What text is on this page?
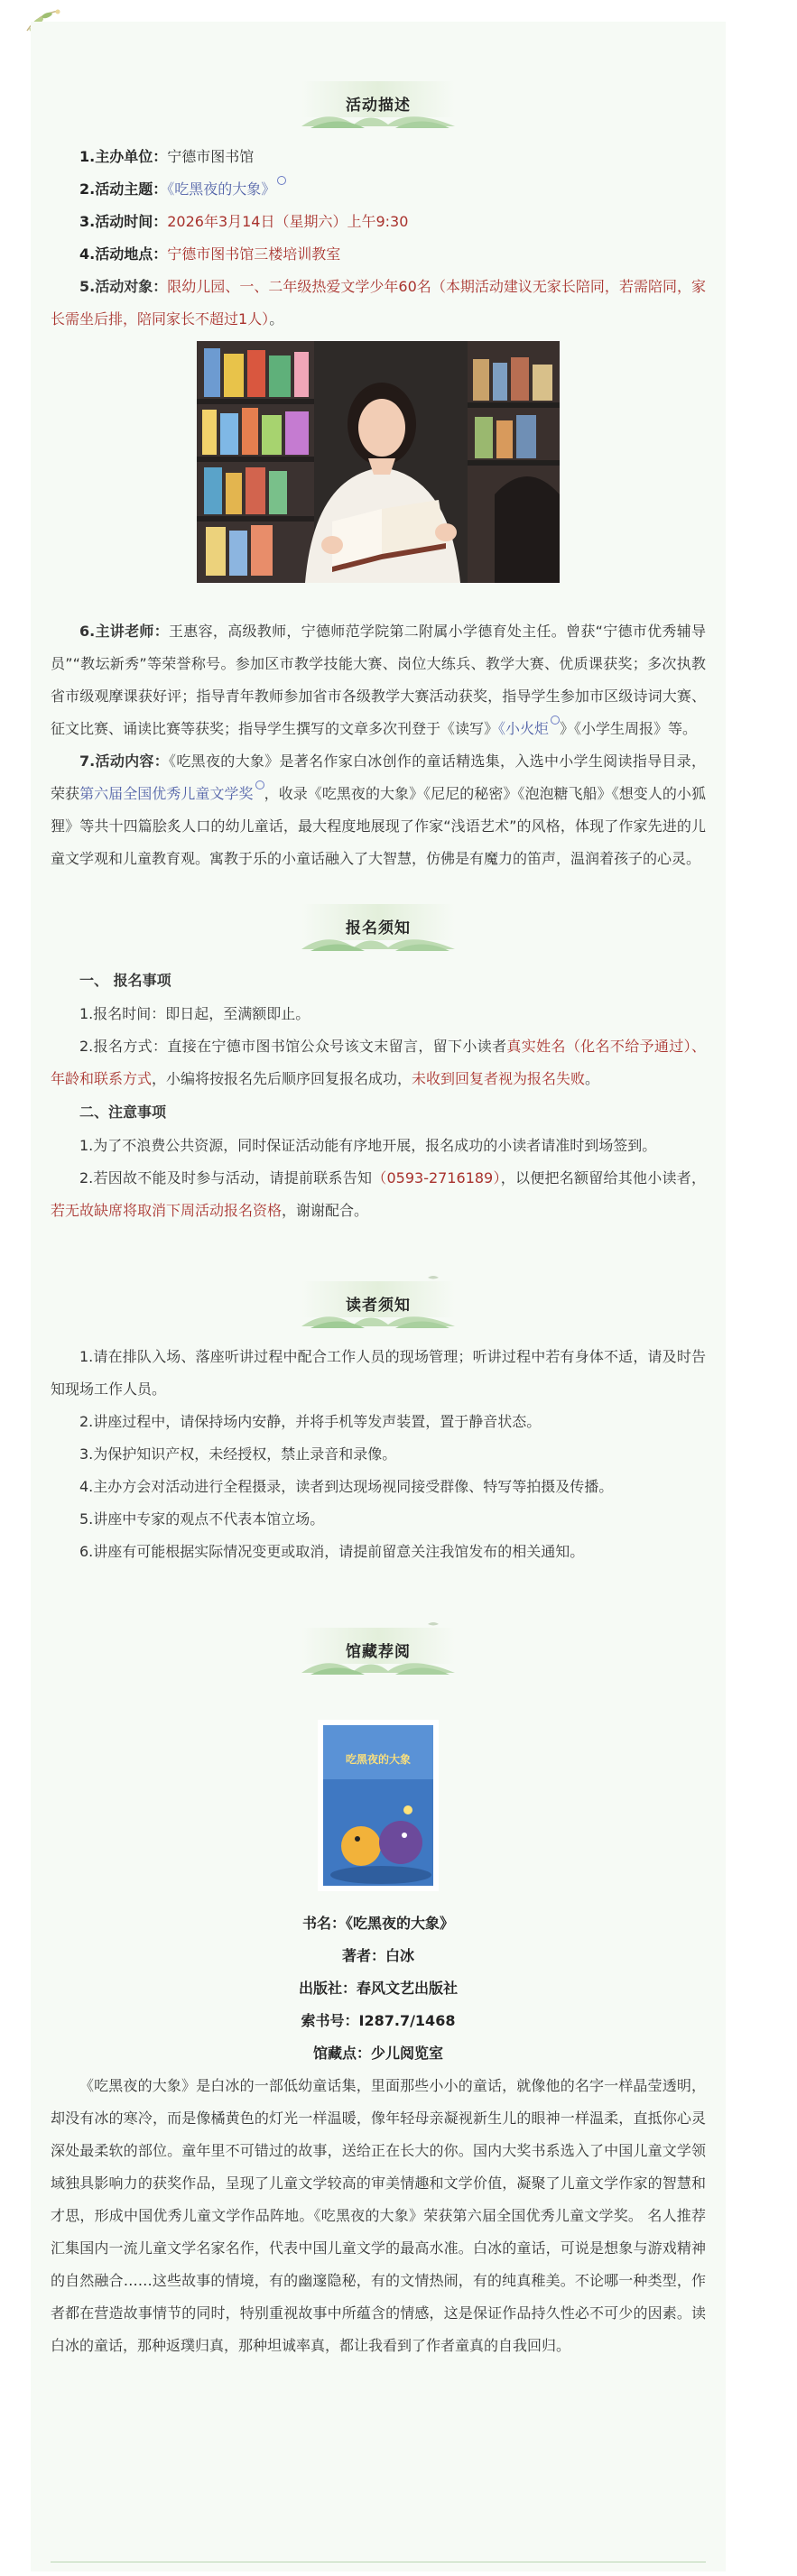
活动描述
1.主办单位：宁德市图书馆
2.活动主题：《吃黑夜的大象》
3.活动时间：2026年3月14日（星期六）上午9:30
4.活动地点：宁德市图书馆三楼培训教室

5.活动对象：限幼儿园、一、二年级热爱文学少年60名（本期活动建议无家长陪同，若需陪同，家长需坐后排，陪同家长不超过1人）。

6.主讲老师：王惠容，高级教师，宁德师范学院第二附属小学德育处主任。曾获“宁德市优秀辅导员”“教坛新秀”等荣誉称号。参加区市教学技能大赛、岗位大练兵、教学大赛、优质课获奖；多次执教省市级观摩课获好评；指导青年教师参加省市各级教学大赛活动获奖，指导学生参加市区级诗词大赛、征文比赛、诵读比赛等获奖；指导学生撰写的文章多次刊登于《读写》《小火炬 》《小学生周报》等。

7.活动内容：《吃黑夜的大象》是著名作家白冰创作的童话精选集，入选中小学生阅读指导目录，荣获第六届全国优秀儿童文学奖 ，收录《吃黑夜的大象》《尼尼的秘密》《泡泡糖飞船》《想变人的小狐狸》等共十四篇脍炙人口的幼儿童话，最大程度地展现了作家“浅语艺术”的风格，体现了作家先进的儿童文学观和儿童教育观。寓教于乐的小童话融入了大智慧，仿佛是有魔力的笛声，温润着孩子的心灵。

报名须知
一、 报名事项

1.报名时间：即日起，至满额即止。

2.报名方式：直接在宁德市图书馆公众号该文末留言，留下小读者真实姓名（化名不给予通过）、年龄和联系方式，小编将按报名先后顺序回复报名成功，未收到回复者视为报名失败。

二、注意事项

1.为了不浪费公共资源，同时保证活动能有序地开展，报名成功的小读者请准时到场签到。

2.若因故不能及时参与活动，请提前联系告知（0593-2716189），以便把名额留给其他小读者，若无故缺席将取消下周活动报名资格，谢谢配合。

读者须知

1.请在排队入场、落座听讲过程中配合工作人员的现场管理；听讲过程中若有身体不适，请及时告知现场工作人员。

2.讲座过程中，请保持场内安静，并将手机等发声装置，置于静音状态。

3.为保护知识产权，未经授权，禁止录音和录像。

4.主办方会对活动进行全程摄录，读者到达现场视同接受群像、特写等拍摄及传播。

5.讲座中专家的观点不代表本馆立场。

6.讲座有可能根据实际情况变更或取消，请提前留意关注我馆发布的相关通知。

馆藏荐阅
吃黑夜的大象
书名：《吃黑夜的大象》
著者：白冰
出版社：春风文艺出版社
索书号：I287.7/1468
馆藏点：少儿阅览室

《吃黑夜的大象》是白冰的一部低幼童话集，里面那些小小的童话，就像他的名字一样晶莹透明，却没有冰的寒冷，而是像橘黄色的灯光一样温暖，像年轻母亲凝视新生儿的眼神一样温柔，直抵你心灵深处最柔软的部位。童年里不可错过的故事，送给正在长大的你。国内大奖书系选入了中国儿童文学领域独具影响力的获奖作品，呈现了儿童文学较高的审美情趣和文学价值，凝聚了儿童文学作家的智慧和才思，形成中国优秀儿童文学作品阵地。《吃黑夜的大象》荣获第六届全国优秀儿童文学奖。 名人推荐 汇集国内一流儿童文学名家名作，代表中国儿童文学的最高水准。白冰的童话，可说是想象与游戏精神的自然融合……这些故事的情境，有的幽邃隐秘，有的文情热闹，有的纯真稚美。不论哪一种类型，作者都在营造故事情节的同时，特别重视故事中所蕴含的情感，这是保证作品持久性必不可少的因素。读白冰的童话，那种返璞归真，那种坦诚率真，都让我看到了作者童真的自我回归。
